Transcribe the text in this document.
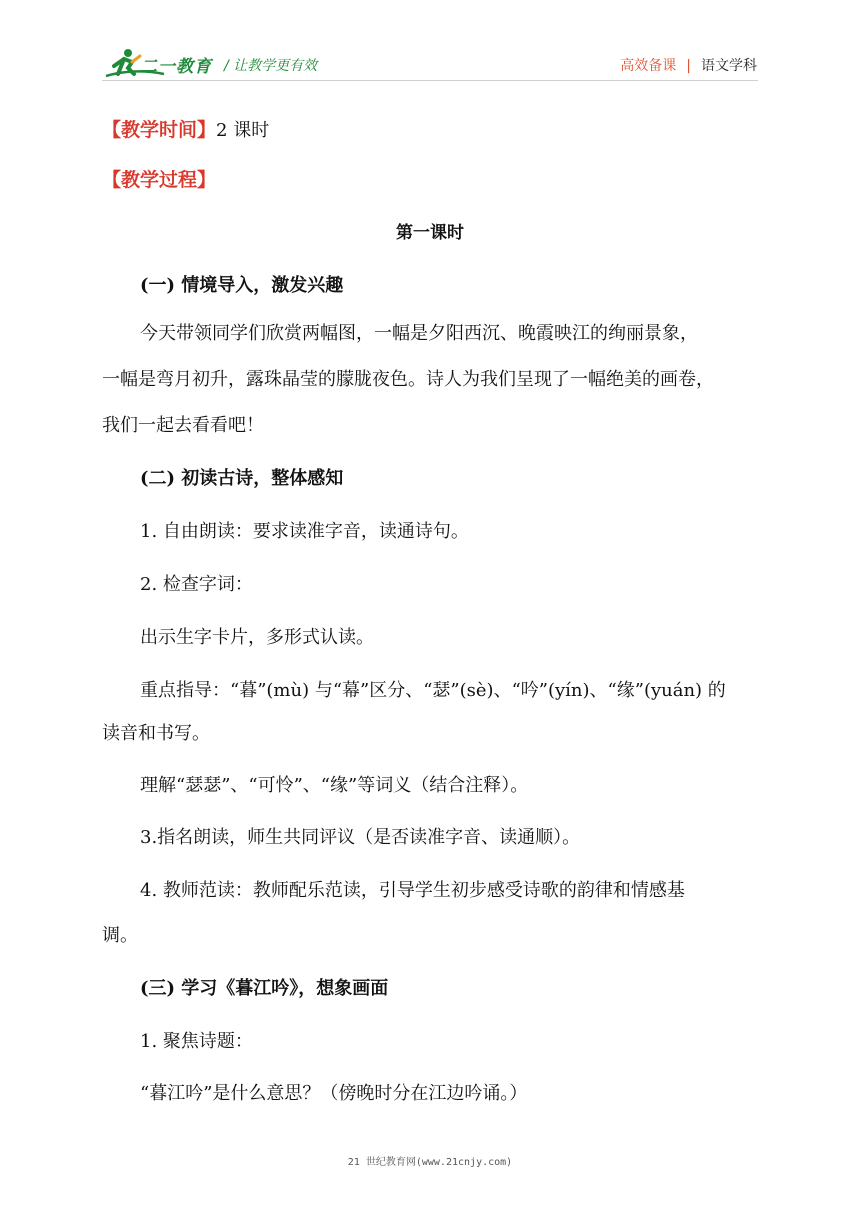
二一教育 / 让教学更有效	高效备课 | 语文学科
【教学时间】2 课时
【教学过程】
第一课时
(一) 情境导入，激发兴趣
今天带领同学们欣赏两幅图，一幅是夕阳西沉、晚霞映江的绚丽景象，
一幅是弯月初升，露珠晶莹的朦胧夜色。诗人为我们呈现了一幅绝美的画卷，
我们一起去看看吧！
(二) 初读古诗，整体感知
1. 自由朗读：要求读准字音，读通诗句。
2. 检查字词：
出示生字卡片，多形式认读。
重点指导：“暮”(mù) 与“幕”区分、“瑟”(sè)、“吟”(yín)、“缘”(yuán) 的
读音和书写。
理解“瑟瑟”、“可怜”、“缘”等词义（结合注释）。
3.指名朗读，师生共同评议（是否读准字音、读通顺）。
4. 教师范读：教师配乐范读，引导学生初步感受诗歌的韵律和情感基
调。
(三) 学习《暮江吟》，想象画面
1. 聚焦诗题：
“暮江吟”是什么意思？（傍晚时分在江边吟诵。）
21 世纪教育网(www.21cnjy.com)
